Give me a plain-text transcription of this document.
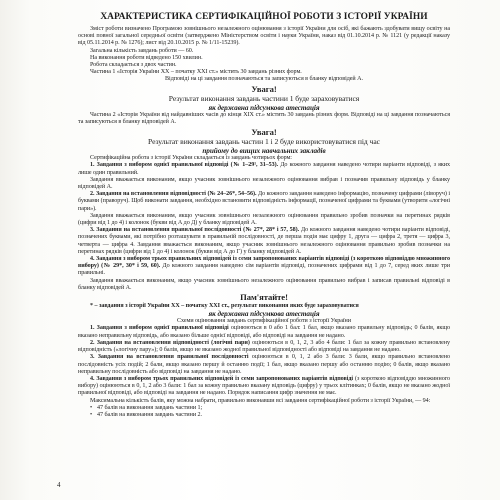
ХАРАКТЕРИСТИКА СЕРТИФІКАЦІЙНОЇ РОБОТИ З ІСТОРІЇ УКРАЇНИ

Зміст роботи визначено Програмою зовнішнього незалежного оцінювання з історії України для осіб, які бажають здобувати вищу освіту на основі повної загальної середньої освіти (затверджено Міністерством освіти і науки України, наказ від 01.10.2014 р. № 1121 (у редакції наказу від 05.11.2014 р. № 1276); лист від 20.10.2015 р. № 1/11-15239).

Загальна кількість завдань роботи — 60.

На виконання роботи відведено 150 хвилин.

Робота складається з двох частин.

Частина 1 «Історія України XX – початку XXI ст.» містить 30 завдань різних форм.

Відповіді на ці завдання позначаються та записуються в бланку відповідей А.

Увага!
Результат виконання завдань частини 1 буде зараховуватися
як державна підсумкова атестація

Частина 2 «Історія України від найдавніших часів до кінця XIX ст.» містить 30 завдань різних форм. Відповіді на ці завдання позначаються та записуються в бланку відповідей А.

Увага!
Результат виконання завдань частин 1 і 2 буде використовуватися під час
прийому до вищих навчальних закладів

Сертифікаційна робота з історії України складається із завдань чотирьох форм:

1. Завдання з вибором однієї правильної відповіді (№ 1–29¹, 31–53). До кожного завдання наведено чотири варіанти відповіді, з яких лише один правильний.

Завдання вважається виконаним, якщо учасник зовнішнього незалежного оцінювання вибрав і позначив правильну відповідь у бланку відповідей А.

2. Завдання на встановлення відповідності (№ 24–26*, 54–56). До кожного завдання наведено інформацію, позначену цифрами (ліворуч) і буквами (праворуч). Щоб виконати завдання, необхідно встановити відповідність інформації, позначеної цифрами та буквами (утворити «логічні пари»).

Завдання вважається виконаним, якщо учасник зовнішнього незалежного оцінювання правильно зробив позначки на перетинах рядків (цифри від 1 до 4) і колонок (букви від А до Д) у бланку відповідей А.

3. Завдання на встановлення правильної послідовності (№ 27*, 28* і 57, 58). До кожного завдання наведено чотири варіанти відповіді, позначених буквами, які потрібно розташувати в правильній послідовності, де перша подія має цифру 1, друга — цифра 2, третя — цифра 3, четверта — цифра 4. Завдання вважається виконаним, якщо учасник зовнішнього незалежного оцінювання правильно зробив позначки на перетинах рядків (цифри від 1 до 4) і колонок (букви від А до Г) у бланку відповідей А.

4. Завдання з вибором трьох правильних відповідей із семи запропонованих варіантів відповіді (з короткою відповіддю множинного вибору) (№ 29*, 30* і 59, 60). До кожного завдання наведено сім варіантів відповіді, позначених цифрами від 1 до 7, серед яких лише три правильні.

Завдання вважається виконаним, якщо учасник зовнішнього незалежного оцінювання правильно вибрав і записав правильні відповіді в бланку відповідей А.

Пам'ятайте!

* – завдання з історії України XX – початку XXI ст., результат виконання яких буде зараховуватися

як державна підсумкова атестація

Схеми оцінювання завдань сертифікаційної роботи з історії України

1. Завдання з вибором однієї правильної відповіді оцінюються в 0 або 1 бал: 1 бал, якщо вказано правильну відповідь; 0 балів, якщо вказано неправильну відповідь, або вказано більше однієї відповіді, або відповіді на завдання не надано.

2. Завдання на встановлення відповідності (логічні пари) оцінюються в 0, 1, 2, 3 або 4 бали: 1 бал за кожну правильно встановлену відповідність («логічну пару»); 0 балів, якщо не вказано жодної правильної відповідності або відповіді на завдання не надано.

3. Завдання на встановлення правильної послідовності оцінюються в 0, 1, 2 або 3 бали: 3 бали, якщо правильно встановлено послідовність усіх подій; 2 бали, якщо вказано першу й останню події; 1 бал, якщо вказано першу або останню подію; 0 балів, якщо вказано неправильну послідовність або відповіді на завдання не надано.

4. Завдання з вибором трьох правильних відповідей із семи запропонованих варіантів відповіді (з короткою відповіддю множинного вибору) оцінюються в 0, 1, 2 або 3 бали: 1 бал за кожну правильно вказану відповідь (цифру) у трьох клітинках; 0 балів, якщо не вказано жодної правильної відповіді, або відповіді на завдання не надано. Порядок написання цифр значення не має.

Максимальна кількість балів, яку можна набрати, правильно виконавши всі завдання сертифікаційної роботи з історії України, — 94:

• 47 балів на виконання завдань частини 1;
• 47 балів на виконання завдань частини 2.
4
